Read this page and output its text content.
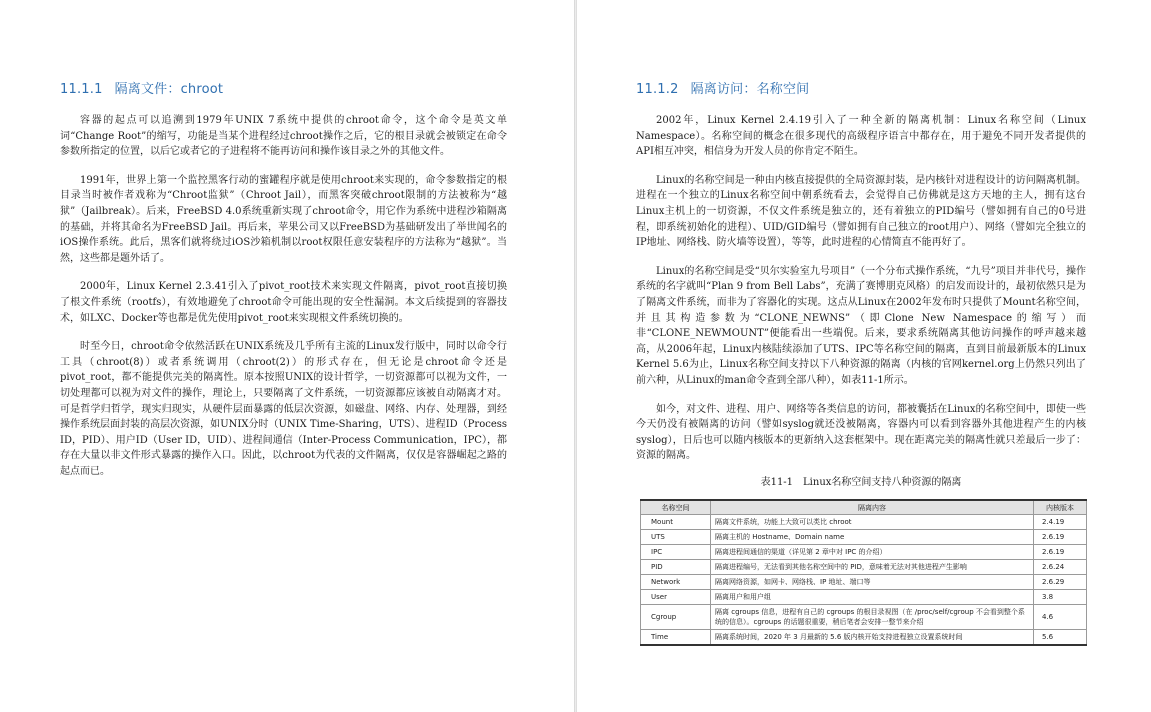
11.1.1 隔离文件：chroot

容器的起点可以追溯到1979年UNIX 7系统中提供的chroot命令，这个命令是英文单词“Change Root”的缩写，功能是当某个进程经过chroot操作之后，它的根目录就会被锁定在命令参数所指定的位置，以后它或者它的子进程将不能再访问和操作该目录之外的其他文件。

1991年，世界上第一个监控黑客行动的蜜罐程序就是使用chroot来实现的，命令参数指定的根目录当时被作者戏称为“Chroot监狱”（Chroot Jail），而黑客突破chroot限制的方法被称为“越狱”（Jailbreak）。后来，FreeBSD 4.0系统重新实现了chroot命令，用它作为系统中进程沙箱隔离的基础，并将其命名为FreeBSD Jail。再后来，苹果公司又以FreeBSD为基础研发出了举世闻名的iOS操作系统。此后，黑客们就将绕过iOS沙箱机制以root权限任意安装程序的方法称为“越狱”。当然，这些都是题外话了。

2000年，Linux Kernel 2.3.41引入了pivot_root技术来实现文件隔离，pivot_root直接切换了根文件系统（rootfs），有效地避免了chroot命令可能出现的安全性漏洞。本文后续提到的容器技术，如LXC、Docker等也都是优先使用pivot_root来实现根文件系统切换的。

时至今日，chroot命令依然活跃在UNIX系统及几乎所有主流的Linux发行版中，同时以命令行工具（chroot(8)）或者系统调用（chroot(2)）的形式存在，但无论是chroot命令还是pivot_root，都不能提供完美的隔离性。原本按照UNIX的设计哲学，一切资源都可以视为文件，一切处理都可以视为对文件的操作，理论上，只要隔离了文件系统，一切资源都应该被自动隔离才对。可是哲学归哲学，现实归现实，从硬件层面暴露的低层次资源，如磁盘、网络、内存、处理器，到经操作系统层面封装的高层次资源，如UNIX分时（UNIX Time-Sharing，UTS）、进程ID（Process ID，PID）、用户ID（User ID，UID）、进程间通信（Inter-Process Communication，IPC），都存在大量以非文件形式暴露的操作入口。因此，以chroot为代表的文件隔离，仅仅是容器崛起之路的起点而已。

11.1.2 隔离访问：名称空间

2002年，Linux Kernel 2.4.19引入了一种全新的隔离机制：Linux名称空间（Linux Namespace）。名称空间的概念在很多现代的高级程序语言中都存在，用于避免不同开发者提供的API相互冲突，相信身为开发人员的你肯定不陌生。

Linux的名称空间是一种由内核直接提供的全局资源封装，是内核针对进程设计的访问隔离机制。进程在一个独立的Linux名称空间中朝系统看去，会觉得自己仿佛就是这方天地的主人，拥有这台Linux主机上的一切资源，不仅文件系统是独立的，还有着独立的PID编号（譬如拥有自己的0号进程，即系统初始化的进程）、UID/GID编号（譬如拥有自己独立的root用户）、网络（譬如完全独立的IP地址、网络栈、防火墙等设置），等等，此时进程的心情简直不能再好了。

Linux的名称空间是受“贝尔实验室九号项目”（一个分布式操作系统，“九号”项目并非代号，操作系统的名字就叫“Plan 9 from Bell Labs”，充满了赛博朋克风格）的启发而设计的，最初依然只是为了隔离文件系统，而非为了容器化的实现。这点从Linux在2002年发布时只提供了Mount名称空间，并且其构造参数为“CLONE_NEWNS”（即Clone New Namespace的缩写）而非“CLONE_NEWMOUNT”便能看出一些端倪。后来，要求系统隔离其他访问操作的呼声越来越高，从2006年起，Linux内核陆续添加了UTS、IPC等名称空间的隔离，直到目前最新版本的Linux Kernel 5.6为止，Linux名称空间支持以下八种资源的隔离（内核的官网kernel.org上仍然只列出了前六种，从Linux的man命令查到全部八种），如表11-1所示。

如今，对文件、进程、用户、网络等各类信息的访问，都被囊括在Linux的名称空间中，即使一些今天仍没有被隔离的访问（譬如syslog就还没被隔离，容器内可以看到容器外其他进程产生的内核syslog），日后也可以随内核版本的更新纳入这套框架中。现在距离完美的隔离性就只差最后一步了：资源的隔离。

表11-1　Linux名称空间支持八种资源的隔离
名称空间	隔离内容	内核版本
Mount	隔离文件系统，功能上大致可以类比 chroot	2.4.19
UTS	隔离主机的 Hostname、Domain name	2.6.19
IPC	隔离进程间通信的渠道（详见第 2 章中对 IPC 的介绍）	2.6.19
PID	隔离进程编号，无法看到其他名称空间中的 PID，意味着无法对其他进程产生影响	2.6.24
Network	隔离网络资源，如网卡、网络栈、IP 地址、端口等	2.6.29
User	隔离用户和用户组	3.8
Cgroup	隔离 cgroups 信息，进程有自己的 cgroups 的根目录视图（在 /proc/self/cgroup 不会看到整个系统的信息）。cgroups 的话题很重要，稍后笔者会安排一整节来介绍	4.6
Time	隔离系统时间，2020 年 3 月最新的 5.6 版内核开始支持进程独立设置系统时间	5.6
